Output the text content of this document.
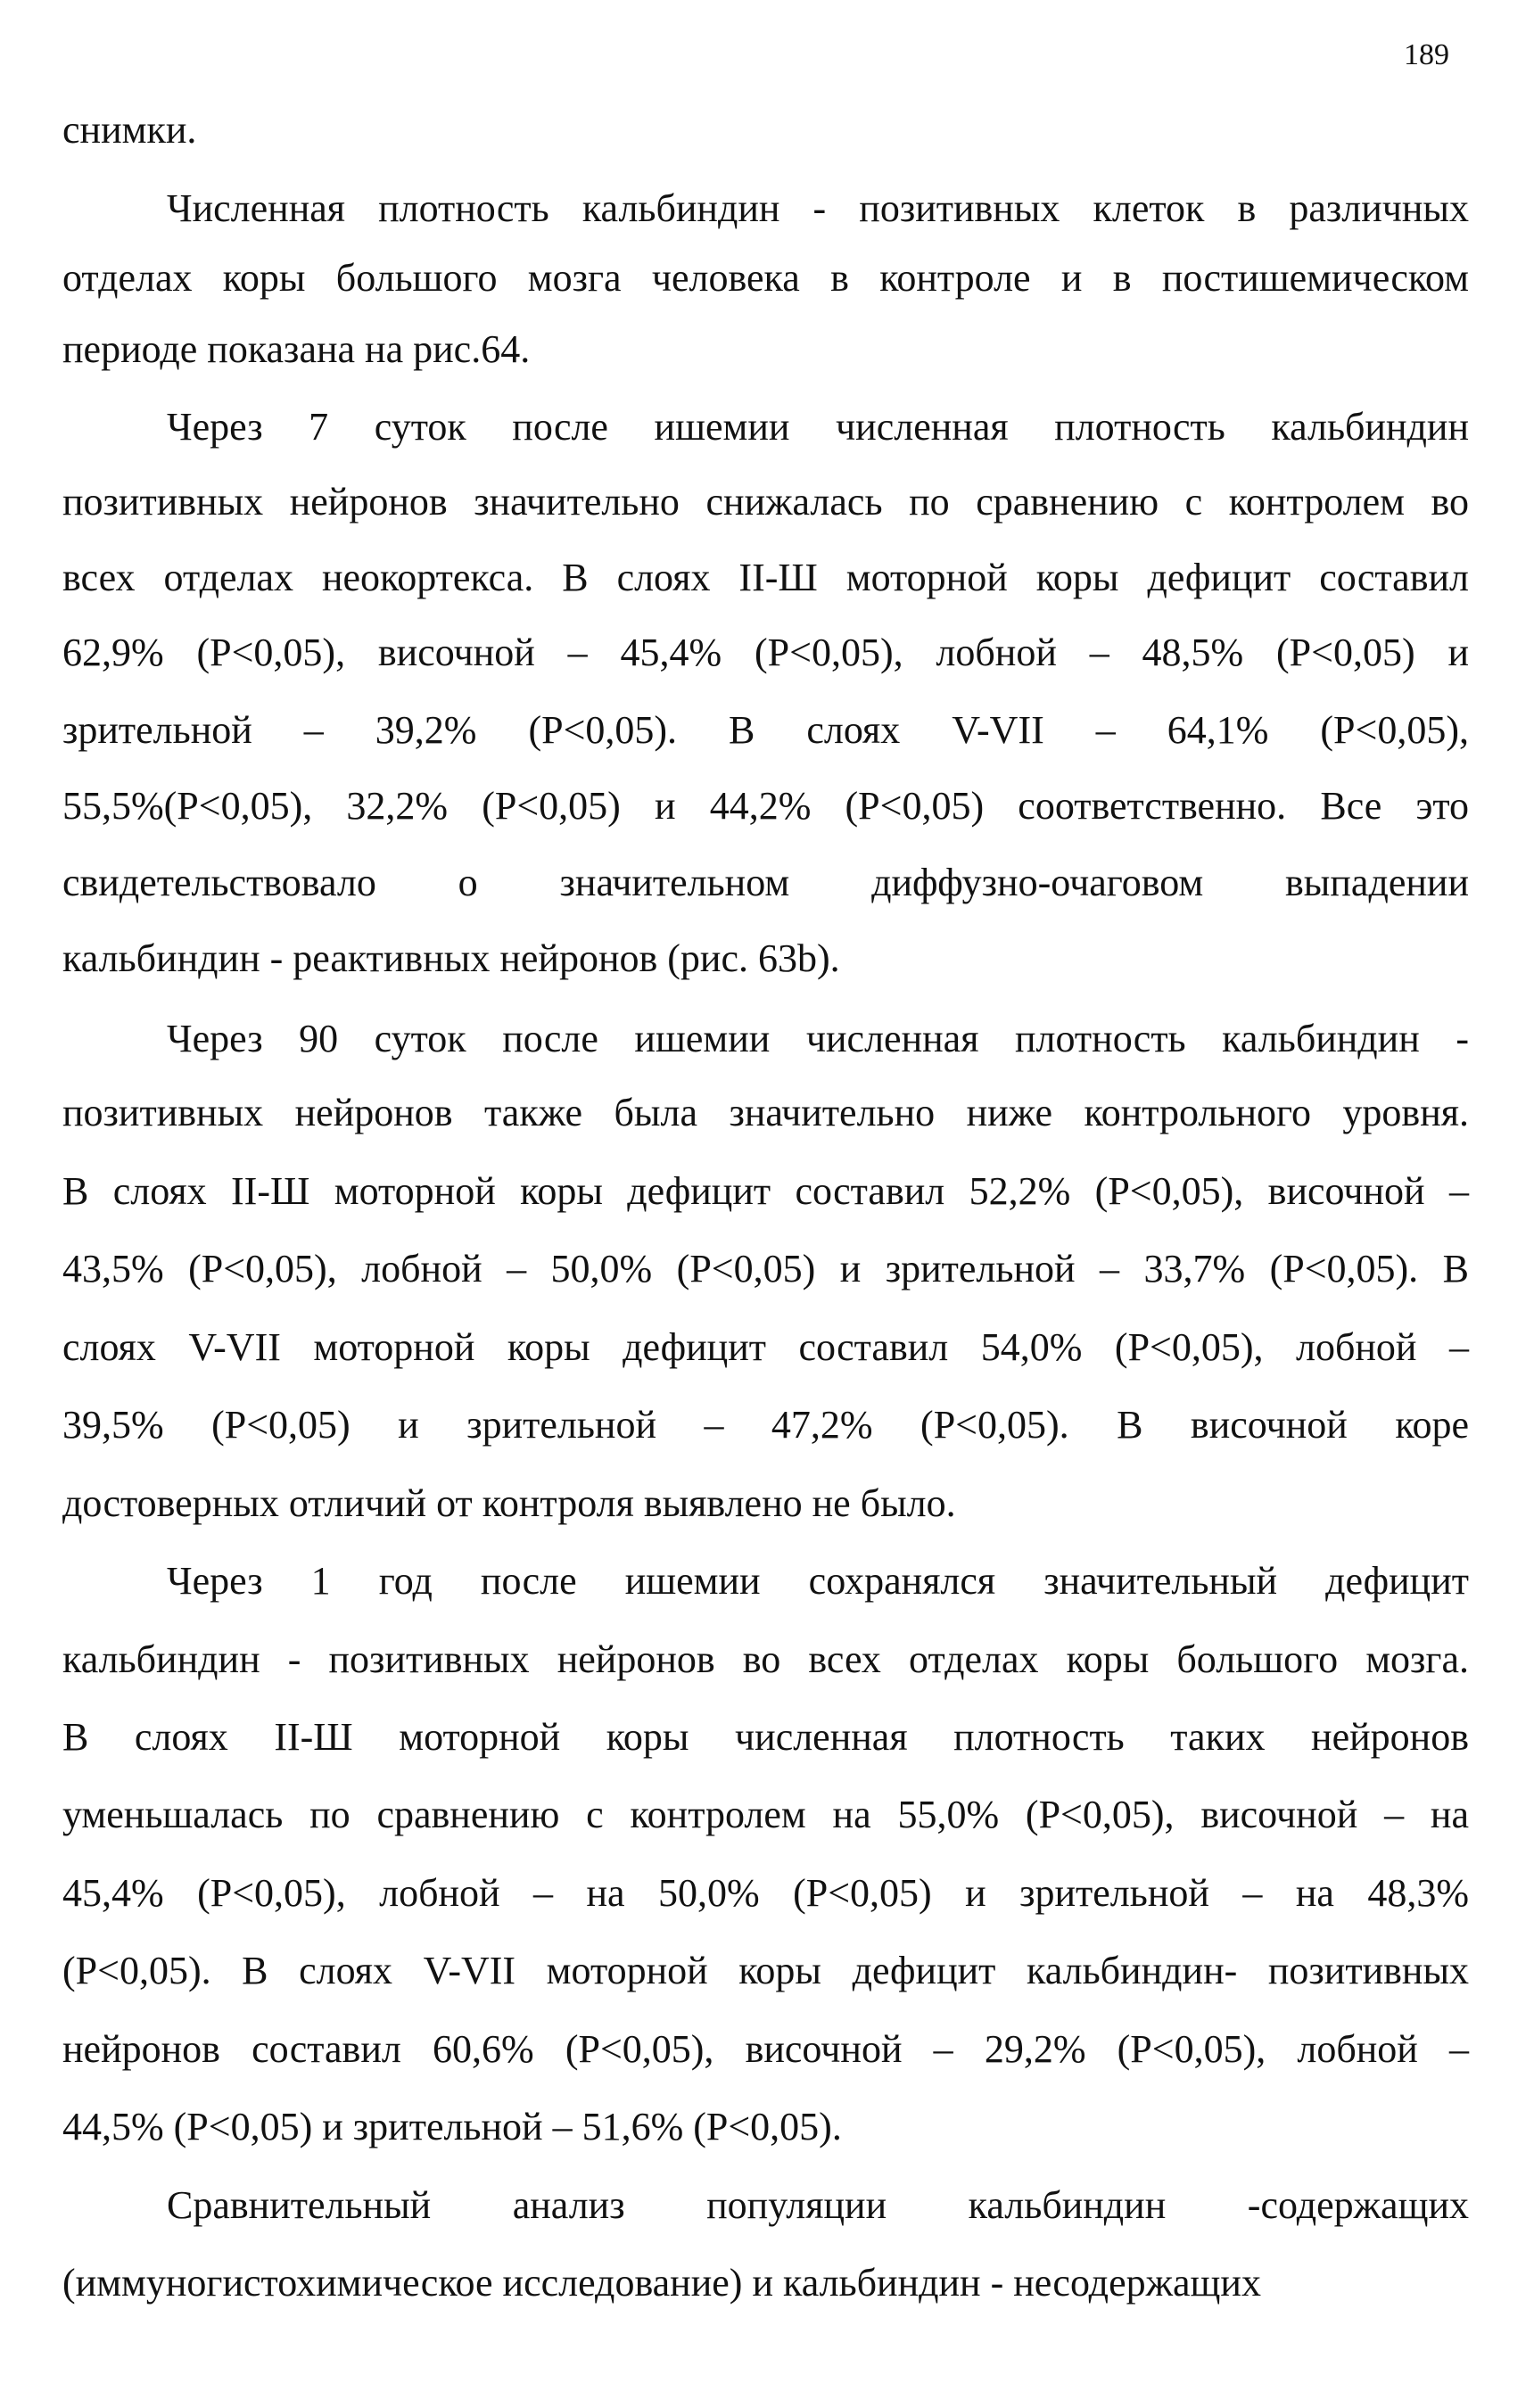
189
снимки.
Численная плотность кальбиндин - позитивных клеток в различных
отделах коры большого мозга человека в контроле и в постишемическом
периоде показана на рис.64.
Через 7 суток после ишемии численная плотность кальбиндин
позитивных нейронов значительно снижалась по сравнению с контролем во
всех отделах неокортекса. В слоях II-Ш моторной коры дефицит составил
62,9% (P<0,05), височной – 45,4% (P<0,05), лобной – 48,5% (P<0,05) и
зрительной – 39,2% (P<0,05). В слоях V-VII – 64,1% (P<0,05),
55,5%(P<0,05), 32,2% (P<0,05) и 44,2% (P<0,05) соответственно. Все это
свидетельствовало о значительном диффузно-очаговом выпадении
кальбиндин - реактивных нейронов (рис. 63b).
Через 90 суток после ишемии численная плотность кальбиндин -
позитивных нейронов также была значительно ниже контрольного уровня.
В слоях II-Ш моторной коры дефицит составил 52,2% (P<0,05), височной –
43,5% (P<0,05), лобной – 50,0% (P<0,05) и зрительной – 33,7% (P<0,05). В
слоях V-VII моторной коры дефицит составил 54,0% (P<0,05), лобной –
39,5% (P<0,05) и зрительной – 47,2% (P<0,05). В височной коре
достоверных отличий от контроля выявлено не было.
Через 1 год после ишемии сохранялся значительный дефицит
кальбиндин - позитивных нейронов во всех отделах коры большого мозга.
В слоях II-Ш моторной коры численная плотность таких нейронов
уменьшалась по сравнению с контролем на 55,0% (P<0,05), височной – на
45,4% (P<0,05), лобной – на 50,0% (P<0,05) и зрительной – на 48,3%
(P<0,05). В слоях V-VII моторной коры дефицит кальбиндин- позитивных
нейронов составил 60,6% (P<0,05), височной – 29,2% (P<0,05), лобной –
44,5% (P<0,05) и зрительной – 51,6% (P<0,05).
Сравнительный анализ популяции кальбиндин -содержащих
(иммуногистохимическое исследование) и кальбиндин - несодержащих
